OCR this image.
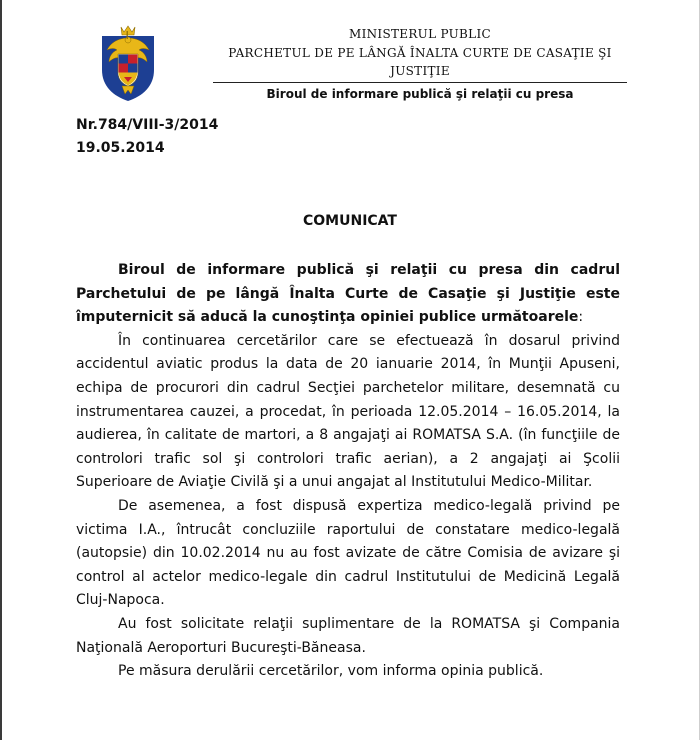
MINISTERUL PUBLIC
PARCHETUL DE PE LÂNGĂ ÎNALTA CURTE DE CASAŢIE ŞI JUSTIŢIE
Biroul de informare publică şi relaţii cu presa
Nr.784/VIII-3/2014
19.05.2014
COMUNICAT

Biroul de informare publică şi relaţii cu presa din cadrul Parchetului de pe lângă Înalta Curte de Casaţie şi Justiţie este împuternicit să aducă la cunoştinţa opiniei publice următoarele:

În continuarea cercetărilor care se efectuează în dosarul privind accidentul aviatic produs la data de 20 ianuarie 2014, în Munţii Apuseni, echipa de procurori din cadrul Secţiei parchetelor militare, desemnată cu instrumentarea cauzei, a procedat, în perioada 12.05.2014 – 16.05.2014, la audierea, în calitate de martori, a 8 angajaţi ai ROMATSA S.A. (în funcţiile de controlori trafic sol şi controlori trafic aerian), a 2 angajaţi ai Şcolii Superioare de Aviaţie Civilă şi a unui angajat al Institutului Medico-Militar.

De asemenea, a fost dispusă expertiza medico-legală privind pe victima I.A., întrucât concluziile raportului de constatare medico-legală (autopsie) din 10.02.2014 nu au fost avizate de către Comisia de avizare şi control al actelor medico-legale din cadrul Institutului de Medicină Legală Cluj-Napoca.

Au fost solicitate relaţii suplimentare de la ROMATSA şi Compania Naţională Aeroporturi Bucureşti-Băneasa.

Pe măsura derulării cercetărilor, vom informa opinia publică.
